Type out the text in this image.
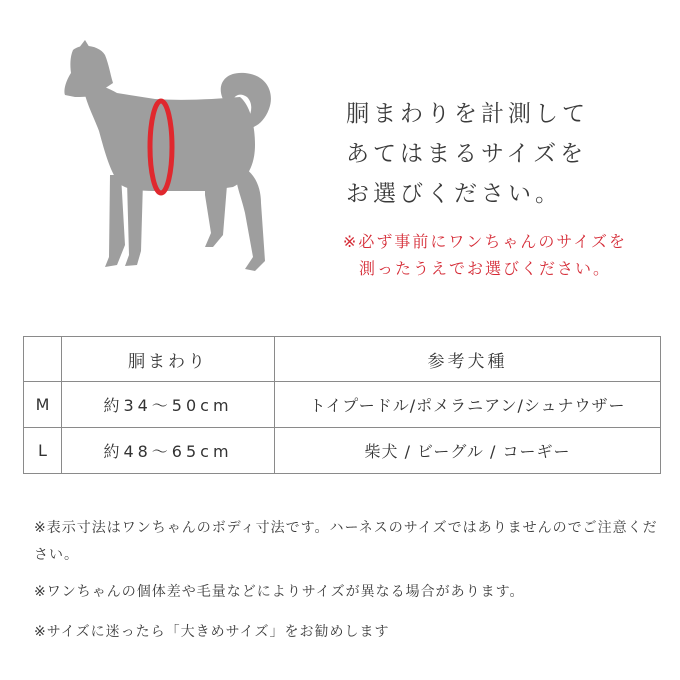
胴まわりを計測して
あてはまるサイズを
お選びください。
※必ず事前にワンちゃんのサイズを
測ったうえでお選びください。
	胴まわり	参考犬種
M	約34～50cm	トイプードル/ポメラニアン/シュナウザー
L	約48～65cm	柴犬 / ビーグル / コーギー

※表示寸法はワンちゃんのボディ寸法です。ハーネスのサイズではありませんのでご注意ください。

※ワンちゃんの個体差や毛量などによりサイズが異なる場合があります。

※サイズに迷ったら「大きめサイズ」をお勧めします
